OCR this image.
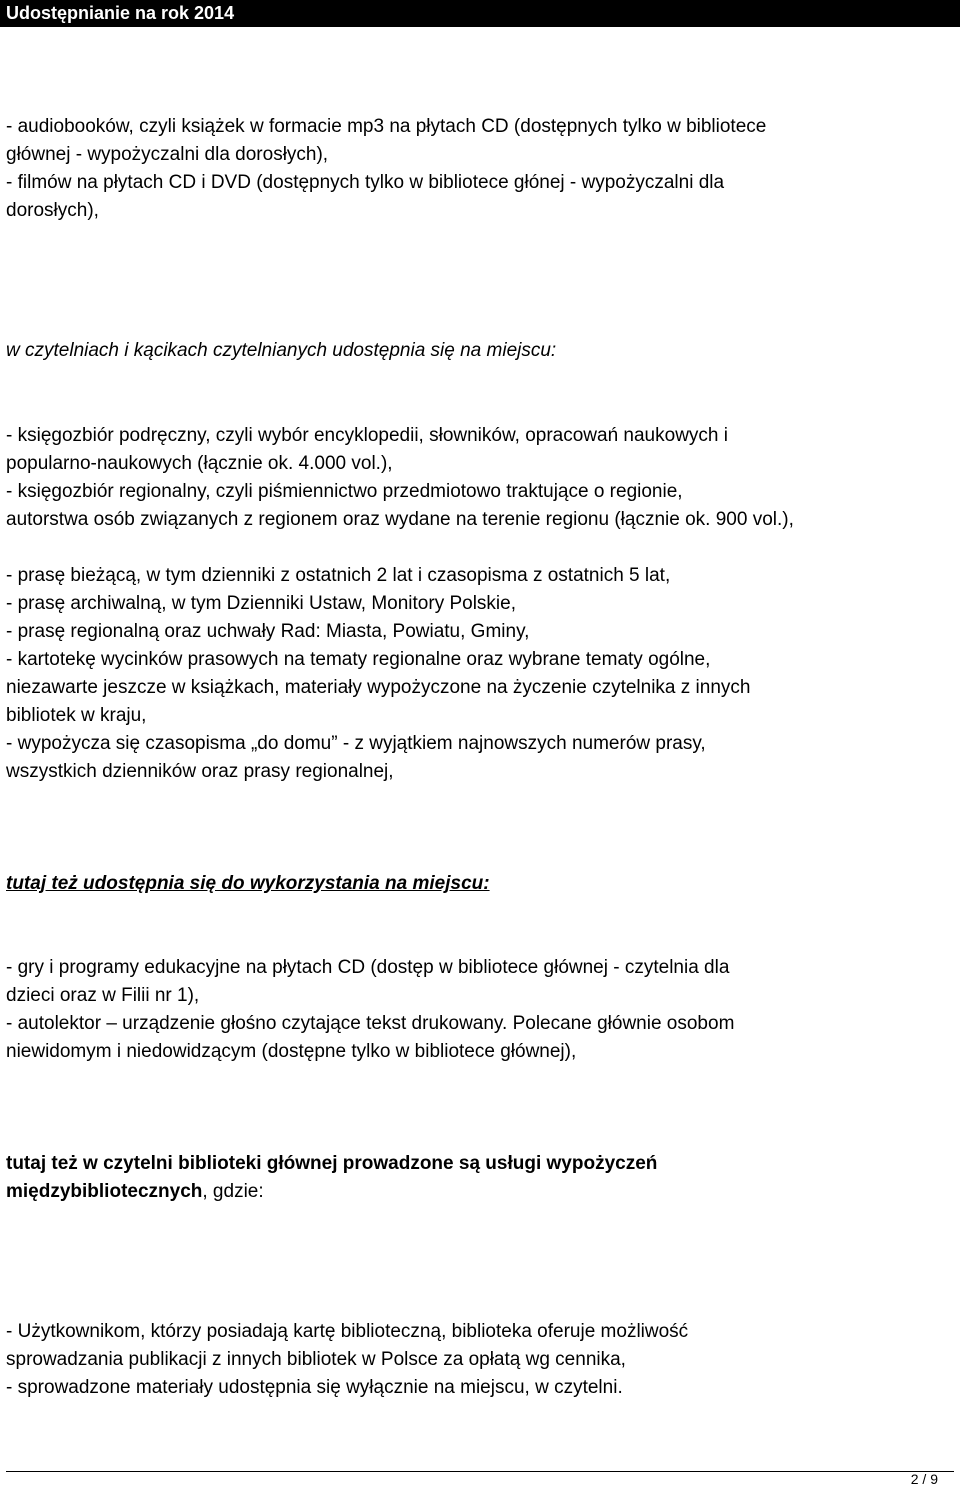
Udostępnianie na rok 2014
- audiobooków, czyli książek w formacie mp3 na płytach CD (dostępnych tylko w bibliotece
głównej - wypożyczalni dla dorosłych),
- filmów na płytach CD i DVD (dostępnych tylko w bibliotece głónej - wypożyczalni dla
dorosłych),
w czytelniach i kącikach czytelnianych udostępnia się na miejscu:
- księgozbiór podręczny, czyli wybór encyklopedii, słowników, opracowań naukowych i
popularno-naukowych (łącznie ok. 4.000 vol.),
- księgozbiór regionalny, czyli piśmiennictwo przedmiotowo traktujące o regionie,
autorstwa osób związanych z regionem oraz wydane na terenie regionu (łącznie ok. 900 vol.),
- prasę bieżącą, w tym dzienniki z ostatnich 2 lat i czasopisma z ostatnich 5 lat,
- prasę archiwalną, w tym Dzienniki Ustaw, Monitory Polskie,
- prasę regionalną oraz uchwały Rad: Miasta, Powiatu, Gminy,
- kartotekę wycinków prasowych na tematy regionalne oraz wybrane tematy ogólne,
niezawarte jeszcze w książkach, materiały wypożyczone na życzenie czytelnika z innych
bibliotek w kraju,
- wypożycza się czasopisma „do domu” - z wyjątkiem najnowszych numerów prasy,
wszystkich dzienników oraz prasy regionalnej,
tutaj też udostępnia się do wykorzystania na miejscu:
- gry i programy edukacyjne na płytach CD (dostęp w bibliotece głównej - czytelnia dla
dzieci oraz w Filii nr 1),
- autolektor – urządzenie głośno czytające tekst drukowany. Polecane głównie osobom
niewidomym i niedowidzącym (dostępne tylko w bibliotece głównej),
tutaj też w czytelni biblioteki głównej prowadzone są usługi wypożyczeń
międzybibliotecznych, gdzie:
- Użytkownikom, którzy posiadają kartę biblioteczną, biblioteka oferuje możliwość
sprowadzania publikacji z innych bibliotek w Polsce za opłatą wg cennika,
- sprowadzone materiały udostępnia się wyłącznie na miejscu, w czytelni.
2 / 9
